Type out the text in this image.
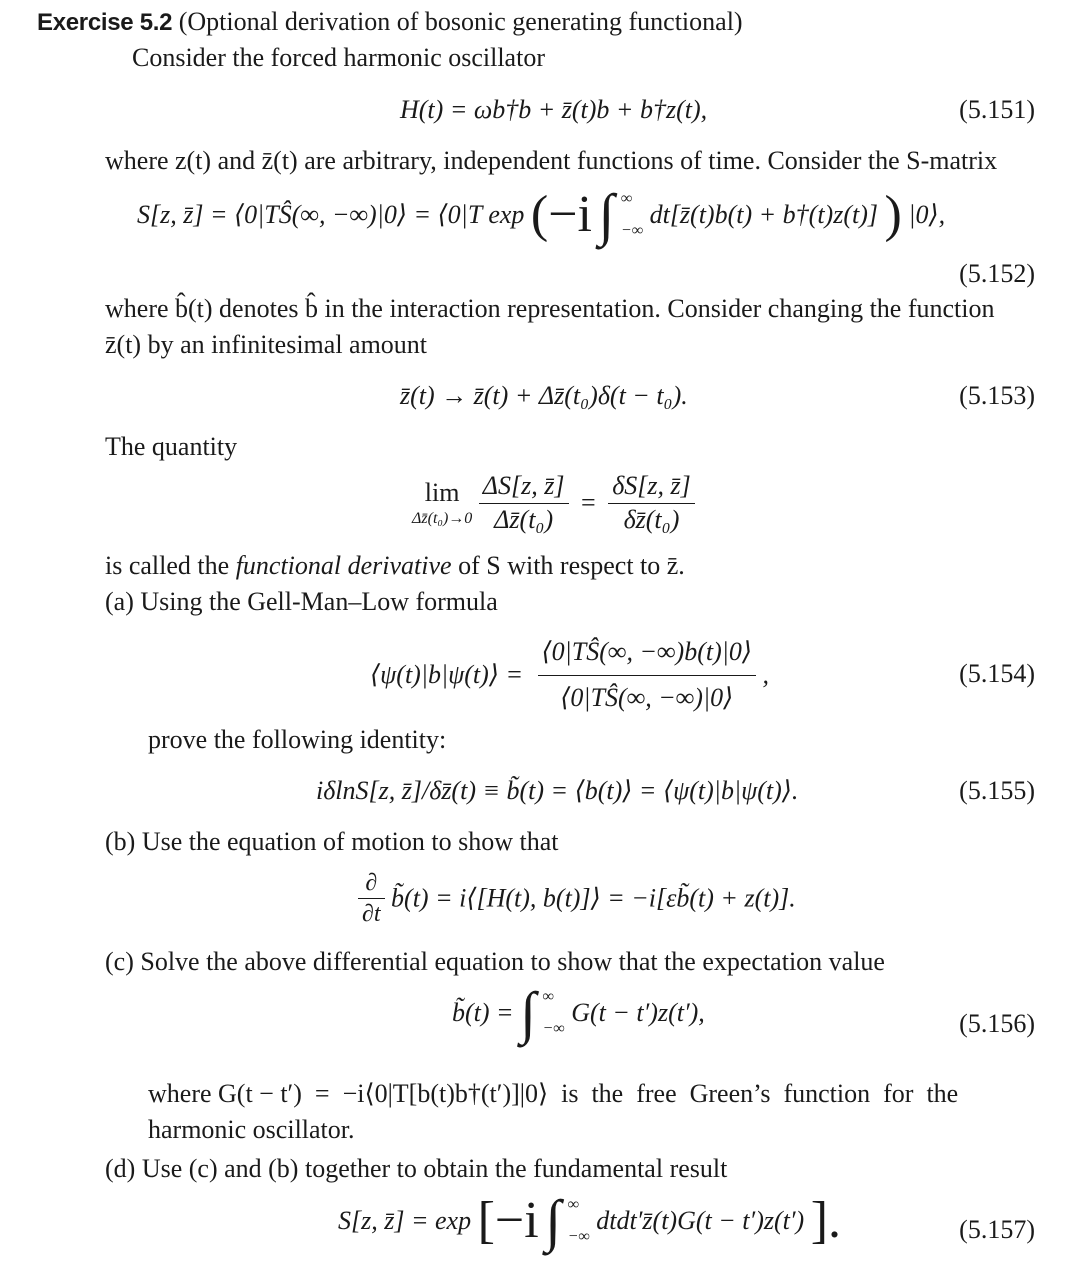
Exercise 5.2 (Optional derivation of bosonic generating functional)
Consider the forced harmonic oscillator
H(t) = ωb†b + z̄(t)b + b†z(t),	(5.151)
where z(t) and z̄(t) are arbitrary, independent functions of time. Consider the S-matrix
S[z, z̄] = ⟨0|TŜ(∞, −∞)|0⟩ = ⟨0|T exp (−i ∫ ∞
−∞
dt[z̄(t)b(t) + b†(t)z(t)] ) |0⟩,
(5.152)
where b̂(t) denotes b̂ in the interaction representation. Consider changing the function
z̄(t) by an infinitesimal amount
z̄(t) → z̄(t) + Δz̄(t₀)δ(t − t₀).	(5.153)
The quantity
lim
Δz̄(t₀)→0
$\frac{\Delta S[z, z̄]}{\text{Δz̄(t₀)}} = \frac{\delta S[z, z̄]}{\text{δz̄(t₀)}}$
is called the functional derivative of S with respect to z̄.
(a) Using the Gell-Man–Low formula
⟨ψ(t)|b|ψ(t)⟩ = $\frac{⟨0|TŜ(\infty, -\infty)b(t)|0⟩}{⟨0|TŜ(\infty, -\infty)|0⟩}$ ,	(5.154)
prove the following identity:
iδlnS[z, z̄]/δz̄(t) ≡ b̃(t) = ⟨b(t)⟩ = ⟨ψ(t)|b|ψ(t)⟩.	(5.155)
(b) Use the equation of motion to show that
$\frac{\partial}{\partial t}$ b̃(t) = i⟨[H(t), b(t)]⟩ = −i[εb̃(t) + z(t)].
(c) Solve the above differential equation to show that the expectation value
b̃(t) = ∫ ∞
−∞
G(t − t′)z(t′),	(5.156)
where G(t − t′)  =  −i⟨0|T[b(t)b†(t′)]|0⟩  is  the  free  Green’s  function  for  the
harmonic oscillator.
(d) Use (c) and (b) together to obtain the fundamental result
S[z, z̄] = exp [−i ∫ ∞
−∞
dtdt′z̄(t)G(t − t′)z(t′) ].	(5.157)
